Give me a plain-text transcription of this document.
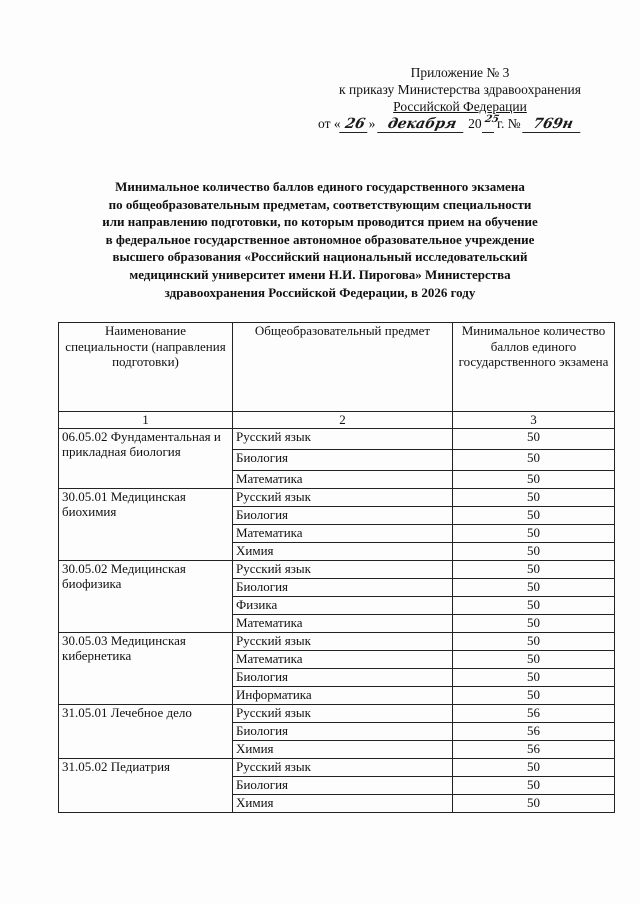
Приложение № 3
к приказу Министерства здравоохранения
Российской Федерации
от « 26 » декабря 20 25 г. № 769н
Минимальное количество баллов единого государственного экзамена
по общеобразовательным предметам, соответствующим специальности
или направлению подготовки, по которым проводится прием на обучение
в федеральное государственное автономное образовательное учреждение
высшего образования «Российский национальный исследовательский
медицинский университет имени Н.И. Пирогова» Министерства
здравоохранения Российской Федерации, в 2026 году
Наименование специальности (направления подготовки)	Общеобразовательный предмет	Минимальное количество баллов единого государственного экзамена
1	2	3
06.05.02 Фундаментальная и прикладная биология	Русский язык	50
	Биология	50
	Математика	50
30.05.01 Медицинская биохимия	Русский язык	50
	Биология	50
	Математика	50
	Химия	50
30.05.02 Медицинская биофизика	Русский язык	50
	Биология	50
	Физика	50
	Математика	50
30.05.03 Медицинская кибернетика	Русский язык	50
	Математика	50
	Биология	50
	Информатика	50
31.05.01 Лечебное дело	Русский язык	56
	Биология	56
	Химия	56
31.05.02 Педиатрия	Русский язык	50
	Биология	50
	Химия	50
